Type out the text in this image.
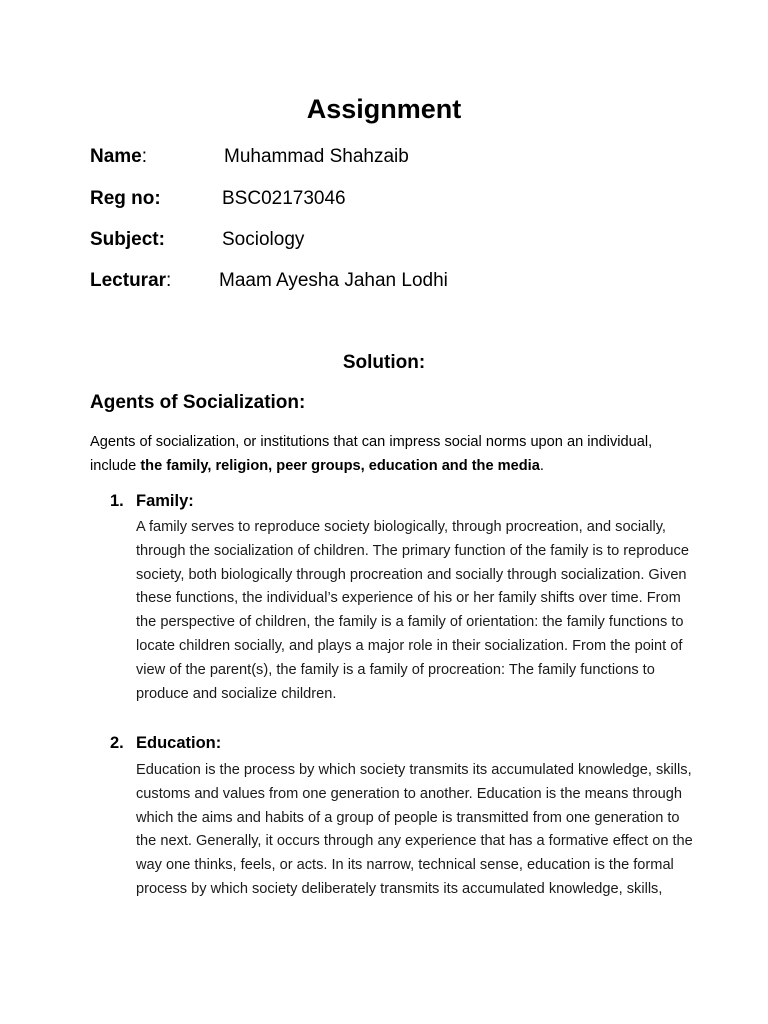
Assignment
Name:	Muhammad Shahzaib
Reg no:	BSC02173046
Subject:	Sociology
Lecturar:	Maam Ayesha Jahan Lodhi
Solution:
Agents of Socialization:
Agents of socialization, or institutions that can impress social norms upon an individual, include the family, religion, peer groups, education and the media.
1. Family:
A family serves to reproduce society biologically, through procreation, and socially, through the socialization of children. The primary function of the family is to reproduce society, both biologically through procreation and socially through socialization. Given these functions, the individual’s experience of his or her family shifts over time. From the perspective of children, the family is a family of orientation: the family functions to locate children socially, and plays a major role in their socialization. From the point of view of the parent(s), the family is a family of procreation: The family functions to produce and socialize children.
2. Education:
Education is the process by which society transmits its accumulated knowledge, skills, customs and values from one generation to another. Education is the means through which the aims and habits of a group of people is transmitted from one generation to the next. Generally, it occurs through any experience that has a formative effect on the way one thinks, feels, or acts. In its narrow, technical sense, education is the formal process by which society deliberately transmits its accumulated knowledge, skills,
